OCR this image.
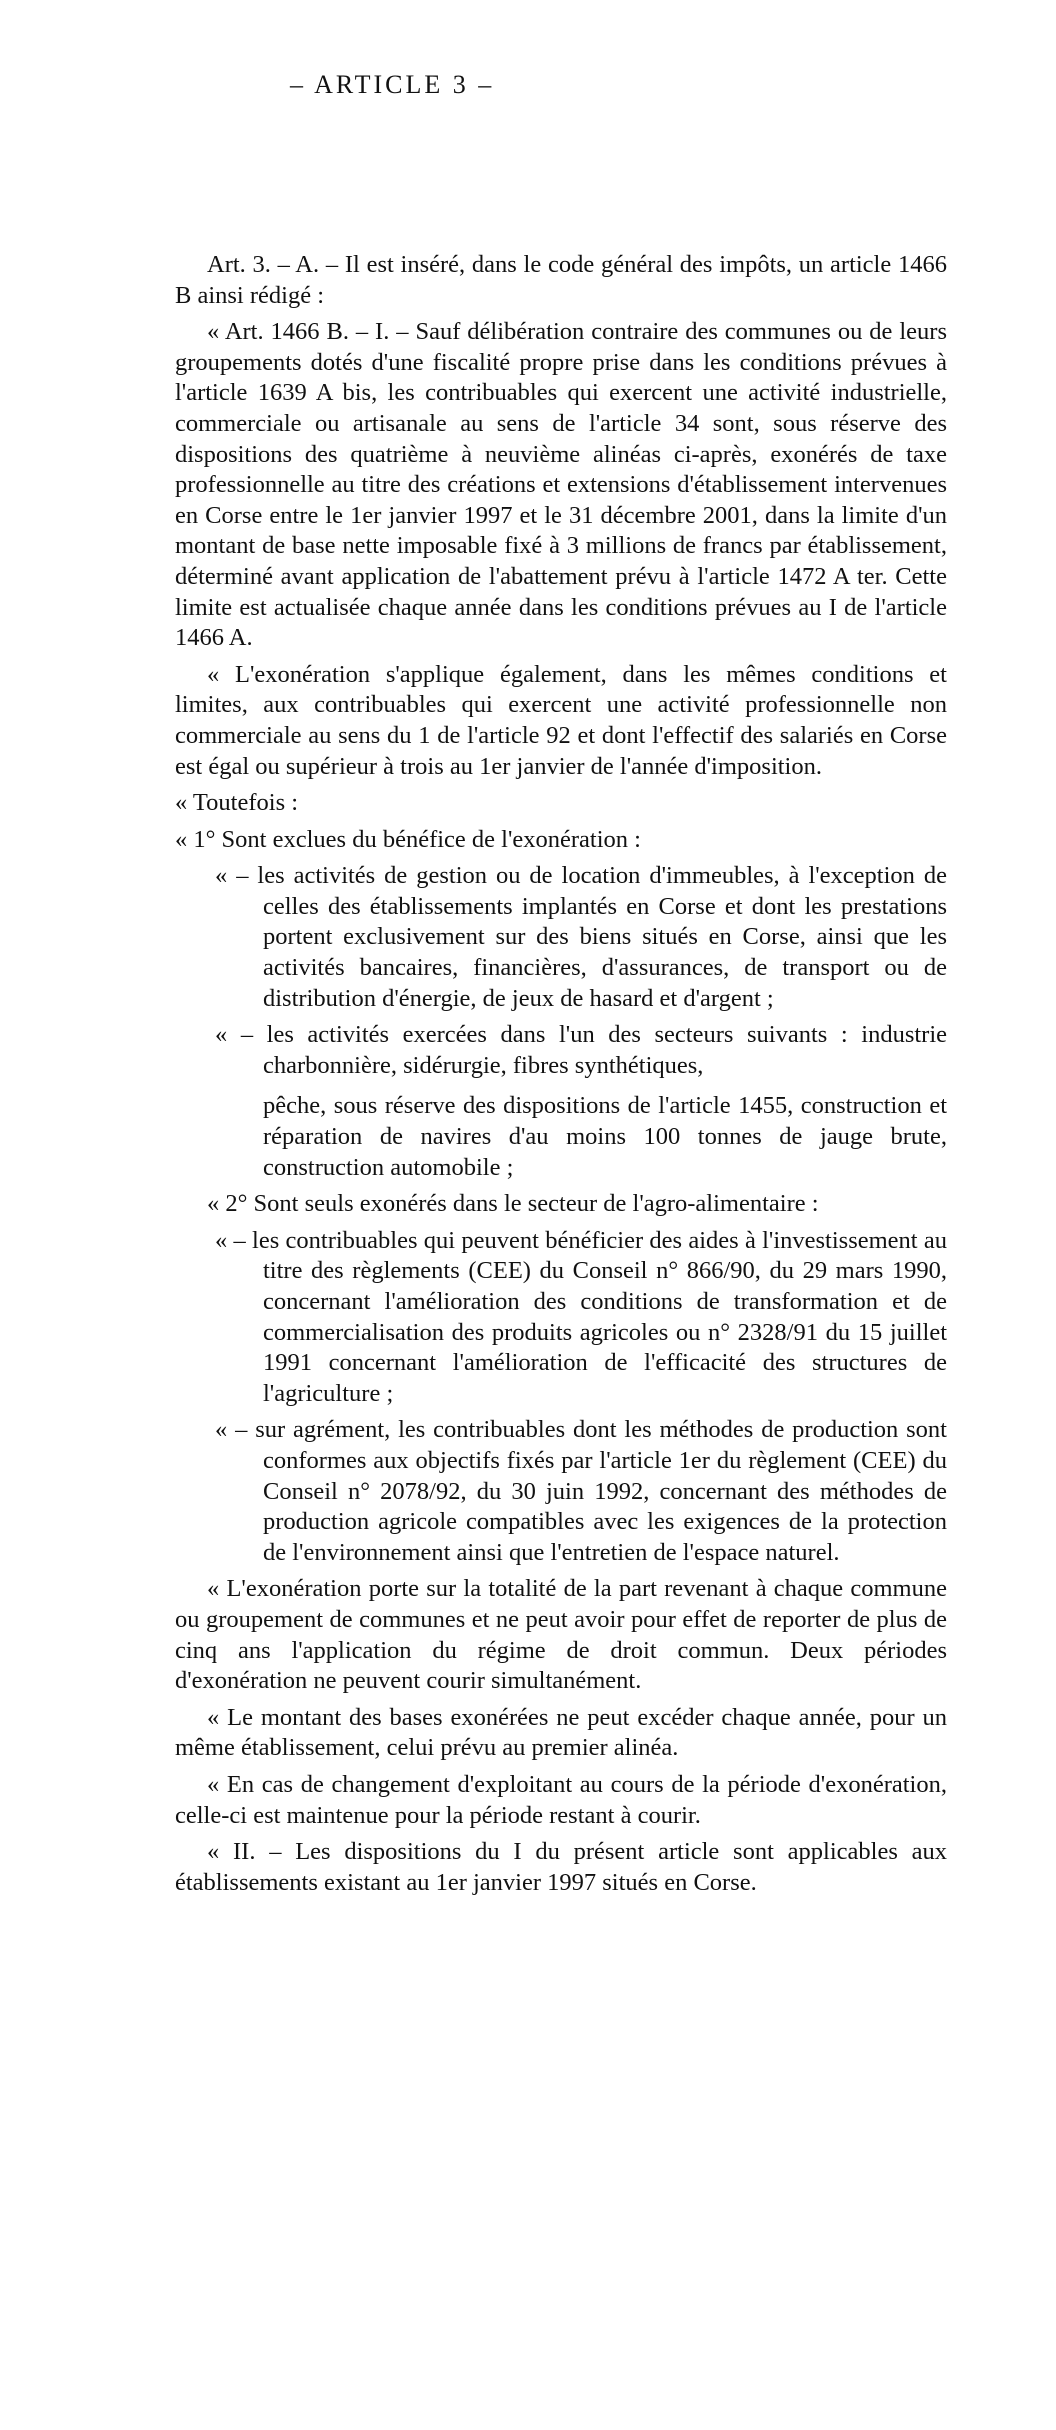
– ARTICLE 3 –

Art. 3. – A. – Il est inséré, dans le code général des impôts, un article 1466 B ainsi rédigé :

« Art. 1466 B. – I. – Sauf délibération contraire des communes ou de leurs groupements dotés d'une fiscalité propre prise dans les conditions prévues à l'article 1639 A bis, les contribuables qui exercent une activité industrielle, commerciale ou artisanale au sens de l'article 34 sont, sous réserve des dispositions des quatrième à neuvième alinéas ci-après, exonérés de taxe professionnelle au titre des créations et extensions d'établissement intervenues en Corse entre le 1er janvier 1997 et le 31 décembre 2001, dans la limite d'un montant de base nette imposable fixé à 3 millions de francs par établissement, déterminé avant application de l'abattement prévu à l'article 1472 A ter. Cette limite est actualisée chaque année dans les conditions prévues au I de l'article 1466 A.

« L'exonération s'applique également, dans les mêmes conditions et limites, aux contribuables qui exercent une activité professionnelle non commerciale au sens du 1 de l'article 92 et dont l'effectif des salariés en Corse est égal ou supérieur à trois au 1er janvier de l'année d'imposition.

« Toutefois :

« 1° Sont exclues du bénéfice de l'exonération :

« – les activités de gestion ou de location d'immeubles, à l'exception de celles des établissements implantés en Corse et dont les prestations portent exclusivement sur des biens situés en Corse, ainsi que les activités bancaires, financières, d'assurances, de transport ou de distribution d'énergie, de jeux de hasard et d'argent ;

« – les activités exercées dans l'un des secteurs suivants : industrie charbonnière, sidérurgie, fibres synthétiques,

pêche, sous réserve des dispositions de l'article 1455, construction et réparation de navires d'au moins 100 tonnes de jauge brute, construction automobile ;

« 2° Sont seuls exonérés dans le secteur de l'agro-alimentaire :

« – les contribuables qui peuvent bénéficier des aides à l'investissement au titre des règlements (CEE) du Conseil n° 866/90, du 29 mars 1990, concernant l'amélioration des conditions de transformation et de commercialisation des produits agricoles ou n° 2328/91 du 15 juillet 1991 concernant l'amélioration de l'efficacité des structures de l'agriculture ;

« – sur agrément, les contribuables dont les méthodes de production sont conformes aux objectifs fixés par l'article 1er du règlement (CEE) du Conseil n° 2078/92, du 30 juin 1992, concernant des méthodes de production agricole compatibles avec les exigences de la protection de l'environnement ainsi que l'entretien de l'espace naturel.

« L'exonération porte sur la totalité de la part revenant à chaque commune ou groupement de communes et ne peut avoir pour effet de reporter de plus de cinq ans l'application du régime de droit commun. Deux périodes d'exonération ne peuvent courir simultanément.

« Le montant des bases exonérées ne peut excéder chaque année, pour un même établissement, celui prévu au premier alinéa.

« En cas de changement d'exploitant au cours de la période d'exonération, celle-ci est maintenue pour la période restant à courir.

« II. – Les dispositions du I du présent article sont applicables aux établissements existant au 1er janvier 1997 situés en Corse.
